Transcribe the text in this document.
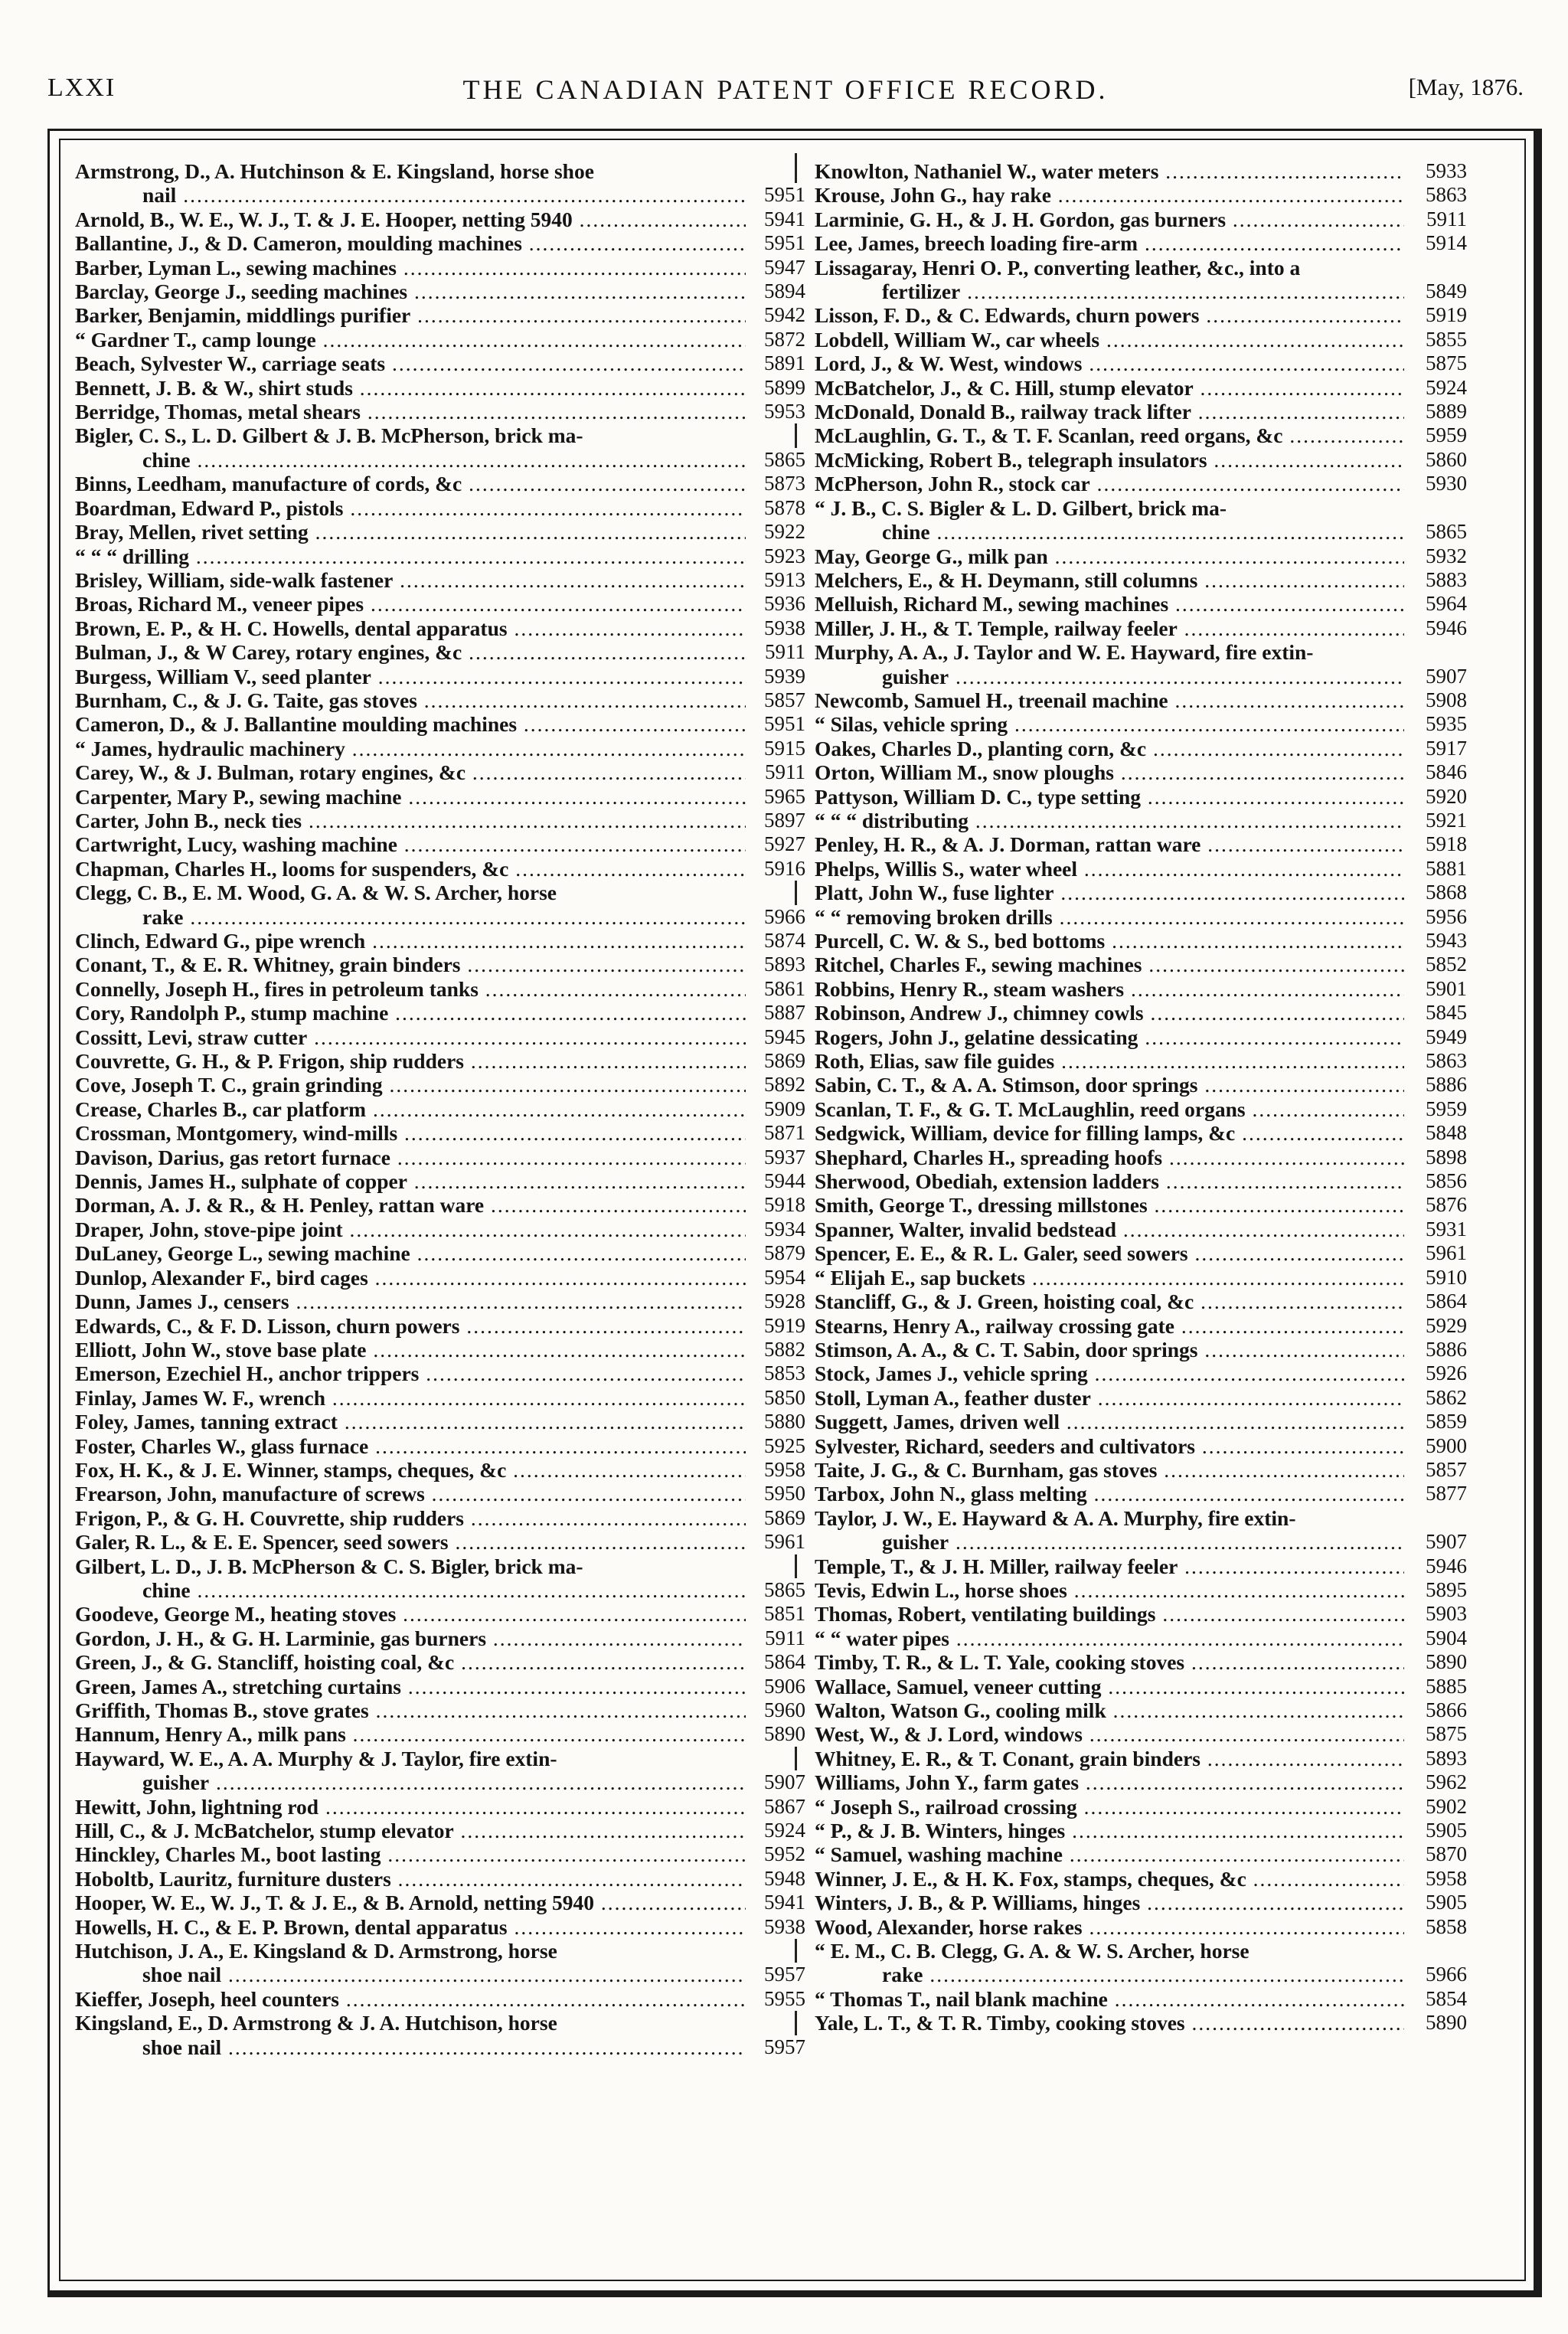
LXXI	THE CANADIAN PATENT OFFICE RECORD.	[May, 1876.
Armstrong, D., A. Hutchinson & E. Kingsland, horse shoe
nail .....	5951
Arnold, B., W. E., W. J., T. & J. E. Hooper, netting 5940 .....	5941
Ballantine, J., & D. Cameron, moulding machines .....	5951
Barber, Lyman L., sewing machines .....	5947
Barclay, George J., seeding machines .....	5894
Barker, Benjamin, middlings purifier .....	5942
“ Gardner T., camp lounge .....	5872
Beach, Sylvester W., carriage seats .....	5891
Bennett, J. B. & W., shirt studs .....	5899
Berridge, Thomas, metal shears .....	5953
Bigler, C. S., L. D. Gilbert & J. B. McPherson, brick ma-
chine .....	5865
Binns, Leedham, manufacture of cords, &c .....	5873
Boardman, Edward P., pistols .....	5878
Bray, Mellen, rivet setting .....	5922
“ “ “ drilling .....	5923
Brisley, William, side-walk fastener .....	5913
Broas, Richard M., veneer pipes .....	5936
Brown, E. P., & H. C. Howells, dental apparatus .....	5938
Bulman, J., & W Carey, rotary engines, &c .....	5911
Burgess, William V., seed planter .....	5939
Burnham, C., & J. G. Taite, gas stoves .....	5857
Cameron, D., & J. Ballantine moulding machines .....	5951
“ James, hydraulic machinery .....	5915
Carey, W., & J. Bulman, rotary engines, &c .....	5911
Carpenter, Mary P., sewing machine .....	5965
Carter, John B., neck ties .....	5897
Cartwright, Lucy, washing machine .....	5927
Chapman, Charles H., looms for suspenders, &c .....	5916
Clegg, C. B., E. M. Wood, G. A. & W. S. Archer, horse
rake .....	5966
Clinch, Edward G., pipe wrench .....	5874
Conant, T., & E. R. Whitney, grain binders .....	5893
Connelly, Joseph H., fires in petroleum tanks .....	5861
Cory, Randolph P., stump machine .....	5887
Cossitt, Levi, straw cutter .....	5945
Couvrette, G. H., & P. Frigon, ship rudders .....	5869
Cove, Joseph T. C., grain grinding .....	5892
Crease, Charles B., car platform .....	5909
Crossman, Montgomery, wind-mills .....	5871
Davison, Darius, gas retort furnace .....	5937
Dennis, James H., sulphate of copper .....	5944
Dorman, A. J. & R., & H. Penley, rattan ware .....	5918
Draper, John, stove-pipe joint .....	5934
DuLaney, George L., sewing machine .....	5879
Dunlop, Alexander F., bird cages .....	5954
Dunn, James J., censers .....	5928
Edwards, C., & F. D. Lisson, churn powers .....	5919
Elliott, John W., stove base plate .....	5882
Emerson, Ezechiel H., anchor trippers .....	5853
Finlay, James W. F., wrench .....	5850
Foley, James, tanning extract .....	5880
Foster, Charles W., glass furnace .....	5925
Fox, H. K., & J. E. Winner, stamps, cheques, &c .....	5958
Frearson, John, manufacture of screws .....	5950
Frigon, P., & G. H. Couvrette, ship rudders .....	5869
Galer, R. L., & E. E. Spencer, seed sowers .....	5961
Gilbert, L. D., J. B. McPherson & C. S. Bigler, brick ma-
chine .....	5865
Goodeve, George M., heating stoves .....	5851
Gordon, J. H., & G. H. Larminie, gas burners .....	5911
Green, J., & G. Stancliff, hoisting coal, &c .....	5864
Green, James A., stretching curtains .....	5906
Griffith, Thomas B., stove grates .....	5960
Hannum, Henry A., milk pans .....	5890
Hayward, W. E., A. A. Murphy & J. Taylor, fire extin-
guisher .....	5907
Hewitt, John, lightning rod .....	5867
Hill, C., & J. McBatchelor, stump elevator .....	5924
Hinckley, Charles M., boot lasting .....	5952
Hoboltb, Lauritz, furniture dusters .....	5948
Hooper, W. E., W. J., T. & J. E., & B. Arnold, netting 5940 .....	5941
Howells, H. C., & E. P. Brown, dental apparatus .....	5938
Hutchison, J. A., E. Kingsland & D. Armstrong, horse
shoe nail .....	5957
Kieffer, Joseph, heel counters .....	5955
Kingsland, E., D. Armstrong & J. A. Hutchison, horse
shoe nail .....	5957
Knowlton, Nathaniel W., water meters .....	5933
Krouse, John G., hay rake .....	5863
Larminie, G. H., & J. H. Gordon, gas burners .....	5911
Lee, James, breech loading fire-arm .....	5914
Lissagaray, Henri O. P., converting leather, &c., into a
fertilizer .....	5849
Lisson, F. D., & C. Edwards, churn powers .....	5919
Lobdell, William W., car wheels .....	5855
Lord, J., & W. West, windows .....	5875
McBatchelor, J., & C. Hill, stump elevator .....	5924
McDonald, Donald B., railway track lifter .....	5889
McLaughlin, G. T., & T. F. Scanlan, reed organs, &c .....	5959
McMicking, Robert B., telegraph insulators .....	5860
McPherson, John R., stock car .....	5930
“ J. B., C. S. Bigler & L. D. Gilbert, brick ma-
chine .....	5865
May, George G., milk pan .....	5932
Melchers, E., & H. Deymann, still columns .....	5883
Melluish, Richard M., sewing machines .....	5964
Miller, J. H., & T. Temple, railway feeler .....	5946
Murphy, A. A., J. Taylor and W. E. Hayward, fire extin-
guisher .....	5907
Newcomb, Samuel H., treenail machine .....	5908
“ Silas, vehicle spring .....	5935
Oakes, Charles D., planting corn, &c .....	5917
Orton, William M., snow ploughs .....	5846
Pattyson, William D. C., type setting .....	5920
“ “ “ distributing .....	5921
Penley, H. R., & A. J. Dorman, rattan ware .....	5918
Phelps, Willis S., water wheel .....	5881
Platt, John W., fuse lighter .....	5868
“ “ removing broken drills .....	5956
Purcell, C. W. & S., bed bottoms .....	5943
Ritchel, Charles F., sewing machines .....	5852
Robbins, Henry R., steam washers .....	5901
Robinson, Andrew J., chimney cowls .....	5845
Rogers, John J., gelatine dessicating .....	5949
Roth, Elias, saw file guides .....	5863
Sabin, C. T., & A. A. Stimson, door springs .....	5886
Scanlan, T. F., & G. T. McLaughlin, reed organs .....	5959
Sedgwick, William, device for filling lamps, &c .....	5848
Shephard, Charles H., spreading hoofs .....	5898
Sherwood, Obediah, extension ladders .....	5856
Smith, George T., dressing millstones .....	5876
Spanner, Walter, invalid bedstead .....	5931
Spencer, E. E., & R. L. Galer, seed sowers .....	5961
“ Elijah E., sap buckets .....	5910
Stancliff, G., & J. Green, hoisting coal, &c .....	5864
Stearns, Henry A., railway crossing gate .....	5929
Stimson, A. A., & C. T. Sabin, door springs .....	5886
Stock, James J., vehicle spring .....	5926
Stoll, Lyman A., feather duster .....	5862
Suggett, James, driven well .....	5859
Sylvester, Richard, seeders and cultivators .....	5900
Taite, J. G., & C. Burnham, gas stoves .....	5857
Tarbox, John N., glass melting .....	5877
Taylor, J. W., E. Hayward & A. A. Murphy, fire extin-
guisher .....	5907
Temple, T., & J. H. Miller, railway feeler .....	5946
Tevis, Edwin L., horse shoes .....	5895
Thomas, Robert, ventilating buildings .....	5903
“ “ water pipes .....	5904
Timby, T. R., & L. T. Yale, cooking stoves .....	5890
Wallace, Samuel, veneer cutting .....	5885
Walton, Watson G., cooling milk .....	5866
West, W., & J. Lord, windows .....	5875
Whitney, E. R., & T. Conant, grain binders .....	5893
Williams, John Y., farm gates .....	5962
“ Joseph S., railroad crossing .....	5902
“ P., & J. B. Winters, hinges .....	5905
“ Samuel, washing machine .....	5870
Winner, J. E., & H. K. Fox, stamps, cheques, &c .....	5958
Winters, J. B., & P. Williams, hinges .....	5905
Wood, Alexander, horse rakes .....	5858
“ E. M., C. B. Clegg, G. A. & W. S. Archer, horse
rake .....	5966
“ Thomas T., nail blank machine .....	5854
Yale, L. T., & T. R. Timby, cooking stoves .....	5890
